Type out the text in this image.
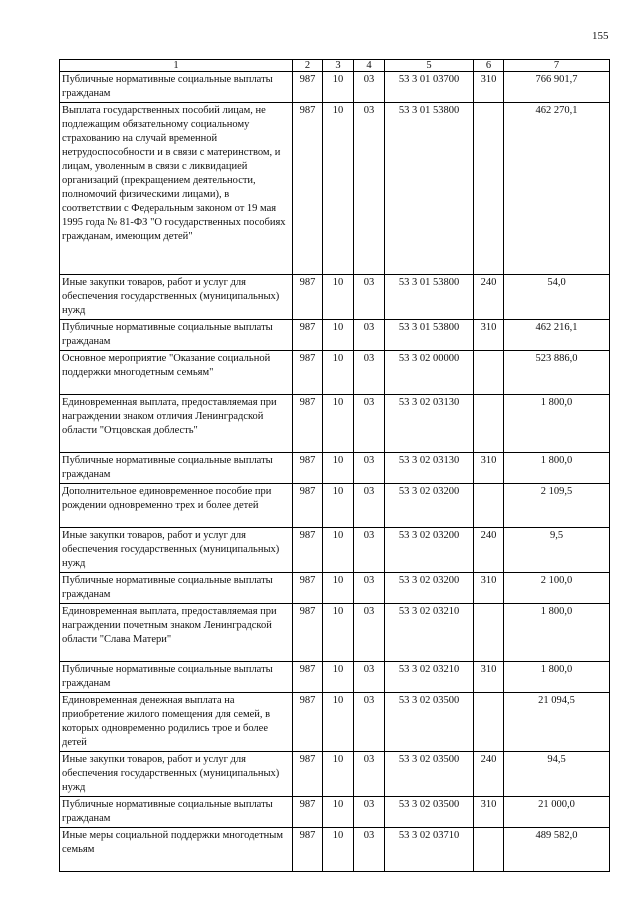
155
1	2	3	4	5	6	7
Публичные нормативные социальные выплаты гражданам	987	10	03	53 3 01 03700	310	766 901,7
Выплата государственных пособий лицам, не подлежащим обязательному социальному страхованию на случай временной нетрудоспособности и в связи с материнством, и лицам, уволенным в связи с ликвидацией организаций (прекращением деятельности, полномочий физическими лицами), в соответствии с Федеральным законом от 19 мая 1995 года № 81-ФЗ "О государственных пособиях гражданам, имеющим детей"	987	10	03	53 3 01 53800		462 270,1
Иные закупки товаров, работ и услуг для обеспечения государственных (муниципальных) нужд	987	10	03	53 3 01 53800	240	54,0
Публичные нормативные социальные выплаты гражданам	987	10	03	53 3 01 53800	310	462 216,1
Основное мероприятие "Оказание социальной поддержки многодетным семьям"	987	10	03	53 3 02 00000		523 886,0
Единовременная выплата, предоставляемая при награждении знаком отличия Ленинградской области "Отцовская доблесть"	987	10	03	53 3 02 03130		1 800,0
Публичные нормативные социальные выплаты гражданам	987	10	03	53 3 02 03130	310	1 800,0
Дополнительное единовременное пособие при рождении одновременно трех и более детей	987	10	03	53 3 02 03200		2 109,5
Иные закупки товаров, работ и услуг для обеспечения государственных (муниципальных) нужд	987	10	03	53 3 02 03200	240	9,5
Публичные нормативные социальные выплаты гражданам	987	10	03	53 3 02 03200	310	2 100,0
Единовременная выплата, предоставляемая при награждении почетным знаком Ленинградской области "Слава Матери"	987	10	03	53 3 02 03210		1 800,0
Публичные нормативные социальные выплаты гражданам	987	10	03	53 3 02 03210	310	1 800,0
Единовременная денежная выплата на приобретение жилого помещения для семей, в которых одновременно родились трое и более детей	987	10	03	53 3 02 03500		21 094,5
Иные закупки товаров, работ и услуг для обеспечения государственных (муниципальных) нужд	987	10	03	53 3 02 03500	240	94,5
Публичные нормативные социальные выплаты гражданам	987	10	03	53 3 02 03500	310	21 000,0
Иные меры социальной поддержки многодетным семьям	987	10	03	53 3 02 03710		489 582,0
